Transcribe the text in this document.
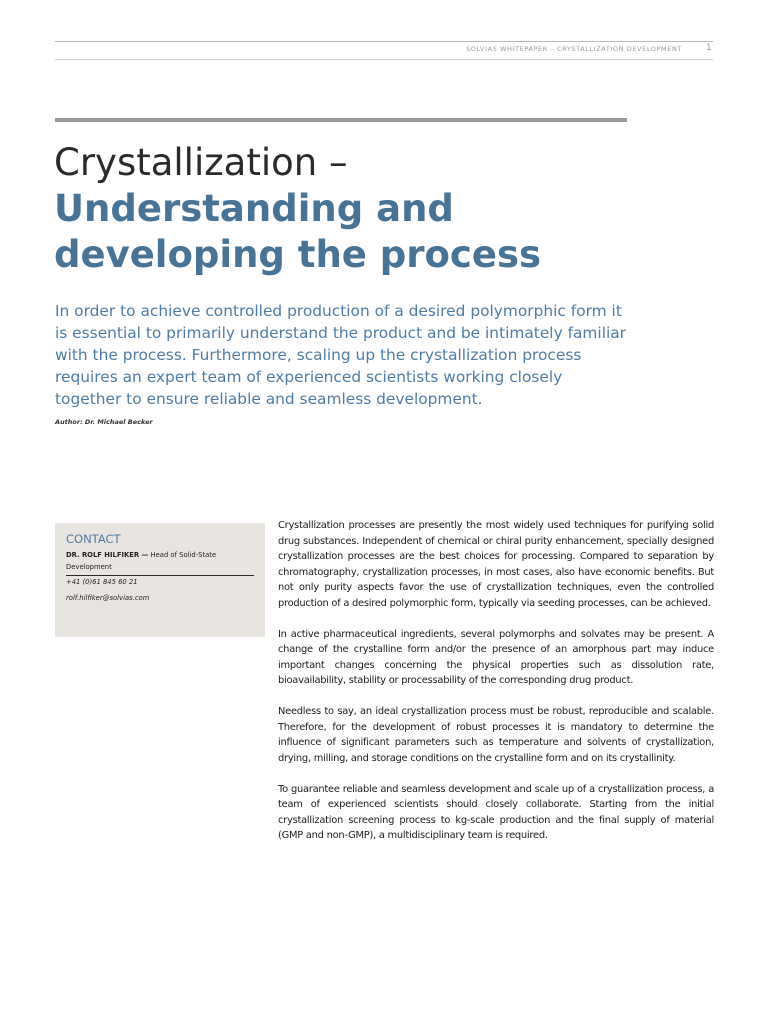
SOLVIAS WHITEPAPER – CRYSTALLIZATION DEVELOPMENT	1
Crystallization –
Understanding and developing the process

In order to achieve controlled production of a desired polymorphic form it is essential to primarily understand the product and be intimately familiar with the process. Furthermore, scaling up the crystallization process requires an expert team of experienced scientists working closely together to ensure reliable and seamless development.

Author: Dr. Michael Becker
CONTACT
DR. ROLF HILFIKER — Head of Solid-State Development
+41 (0)61 845 60 21
rolf.hilfiker@solvias.com

Crystallization processes are presently the most widely used techniques for purifying solid drug substances. Independent of chemical or chiral purity enhancement, specially designed crystallization processes are the best choices for processing. Compared to separation by chromatography, crystallization processes, in most cases, also have economic benefits. But not only purity aspects favor the use of crystallization techniques, even the controlled production of a desired polymorphic form, typically via seeding processes, can be achieved.

In active pharmaceutical ingredients, several polymorphs and solvates may be present. A change of the crystalline form and/or the presence of an amorphous part may induce important changes concerning the physical properties such as dissolution rate, bioavailability, stability or processability of the corresponding drug product.

Needless to say, an ideal crystallization process must be robust, reproducible and scalable. Therefore, for the development of robust processes it is mandatory to determine the influence of significant parameters such as temperature and solvents of crystallization, drying, milling, and storage conditions on the crystalline form and on its crystallinity.

To guarantee reliable and seamless development and scale up of a crystallization process, a team of experienced scientists should closely collaborate. Starting from the initial crystallization screening process to kg-scale production and the final supply of material (GMP and non-GMP), a multidisciplinary team is required.
